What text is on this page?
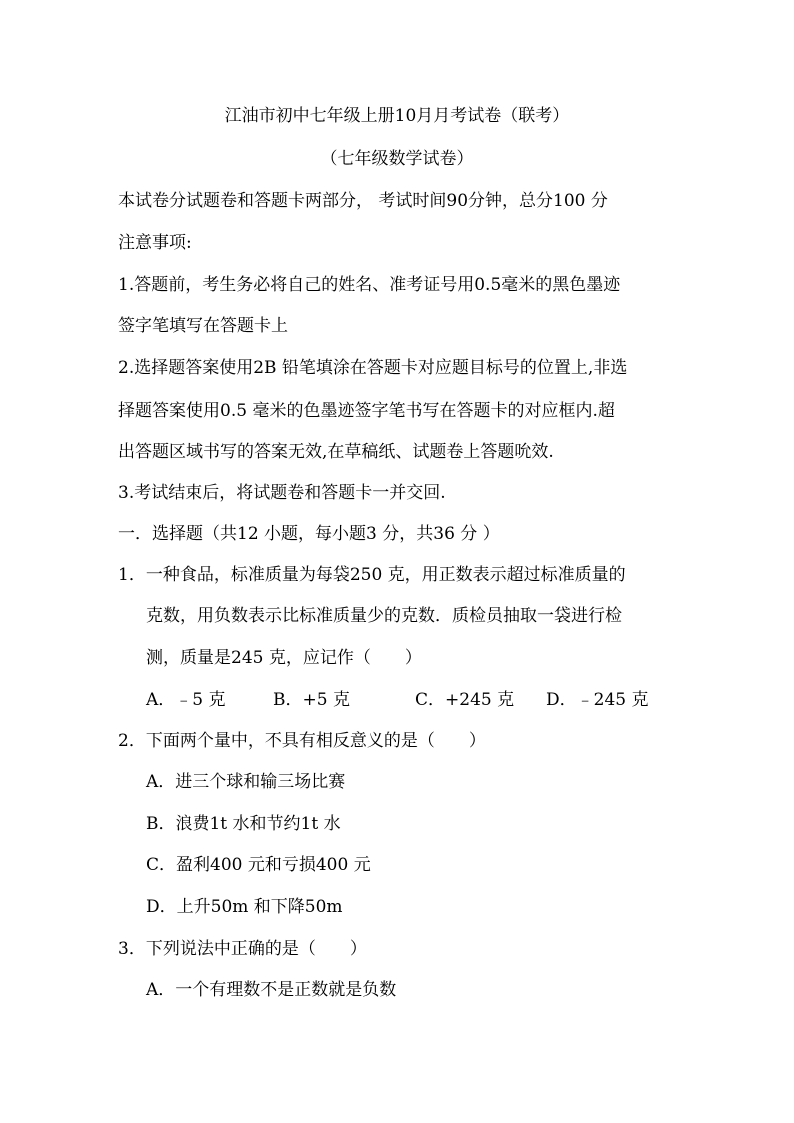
江油市初中七年级上册10月月考试卷（联考）
（七年级数学试卷）
本试卷分试题卷和答题卡两部分， 考试时间90分钟，总分100 分
注意事项:
1.答题前，考生务必将自己的姓名、准考证号用0.5毫米的黑色墨迹
签字笔填写在答题卡上
2.选择题答案使用2B 铅笔填涂在答题卡对应题目标号的位置上,非选
择题答案使用0.5 毫米的色墨迹签字笔书写在答题卡的对应框内.超
出答题区域书写的答案无效,在草稿纸、试题卷上答题吮效.
3.考试结束后，将试题卷和答题卡一并交回.
一．选择题（共12 小题，每小题3 分，共36 分 ）
1．一种食品，标准质量为每袋250 克，用正数表示超过标准质量的
克数，用负数表示比标准质量少的克数．质检员抽取一袋进行检
测，质量是245 克，应记作（　　）
A．﹣5 克	B．+5 克	C．+245 克 D．﹣245 克
2．下面两个量中，不具有相反意义的是（　　）
A．进三个球和输三场比赛
B．浪费1t 水和节约1t 水
C．盈利400 元和亏损400 元
D．上升50m 和下降50m
3．下列说法中正确的是（　　）
A．一个有理数不是正数就是负数
